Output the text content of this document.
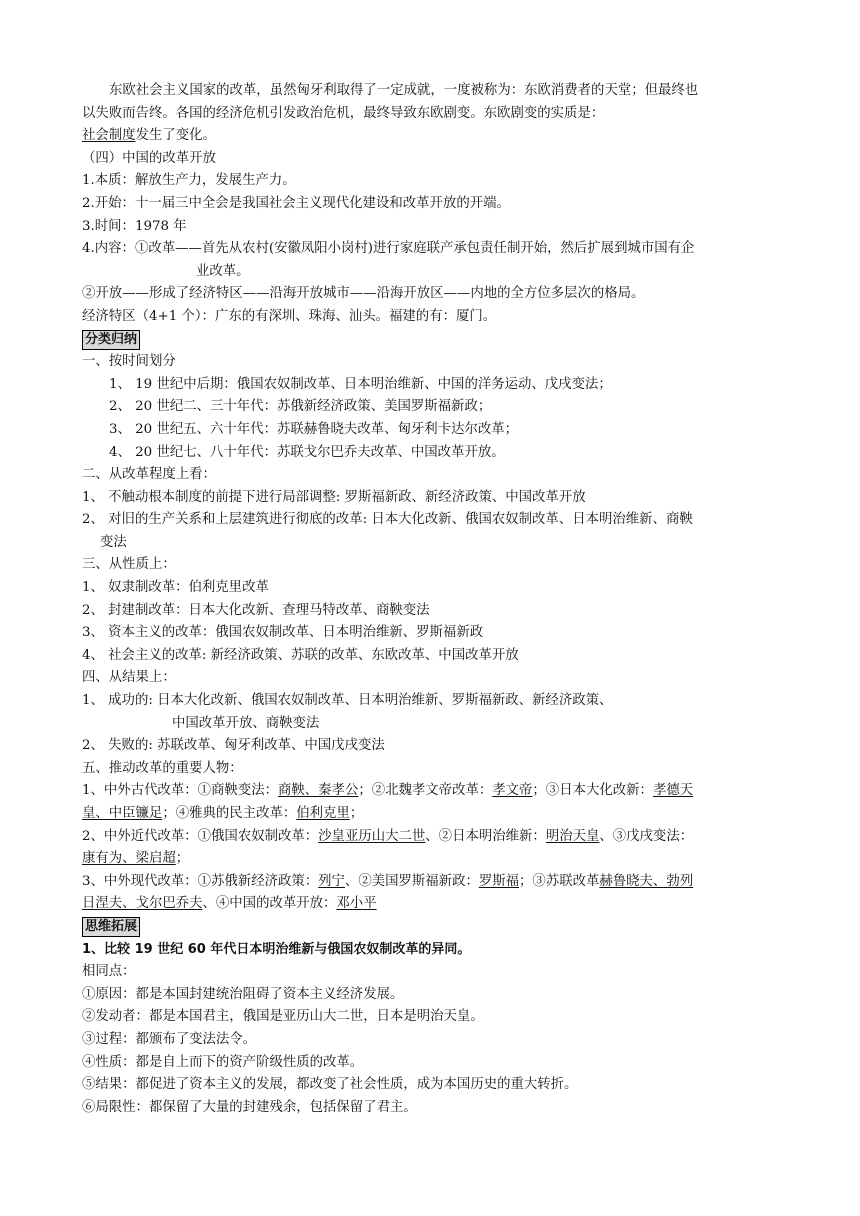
东欧社会主义国家的改革，虽然匈牙利取得了一定成就，一度被称为：东欧消费者的天堂；但最终也
以失败而告终。各国的经济危机引发政治危机，最终导致东欧剧变。东欧剧变的实质是：
社会制度发生了变化。
（四）中国的改革开放
1.本质：解放生产力，发展生产力。
2.开始：十一届三中全会是我国社会主义现代化建设和改革开放的开端。
3.时间：1978 年
4.内容：①改革——首先从农村(安徽凤阳小岗村)进行家庭联产承包责任制开始，然后扩展到城市国有企
业改革。
②开放——形成了经济特区——沿海开放城市——沿海开放区——内地的全方位多层次的格局。
经济特区（4+1 个）：广东的有深圳、珠海、汕头。福建的有：厦门。
分类归纳
一、按时间划分
1、 19 世纪中后期：俄国农奴制改革、日本明治维新、中国的洋务运动、戊戌变法；
2、 20 世纪二、三十年代：苏俄新经济政策、美国罗斯福新政；
3、 20 世纪五、六十年代：苏联赫鲁晓夫改革、匈牙利卡达尔改革；
4、 20 世纪七、八十年代：苏联戈尔巴乔夫改革、中国改革开放。
二、从改革程度上看：
1、 不触动根本制度的前提下进行局部调整: 罗斯福新政、新经济政策、中国改革开放
2、 对旧的生产关系和上层建筑进行彻底的改革: 日本大化改新、俄国农奴制改革、日本明治维新、商鞅
变法
三、从性质上：
1、 奴隶制改革：伯利克里改革
2、 封建制改革：日本大化改新、查理马特改革、商鞅变法
3、 资本主义的改革：俄国农奴制改革、日本明治维新、罗斯福新政
4、 社会主义的改革: 新经济政策、苏联的改革、东欧改革、中国改革开放
四、从结果上：
1、 成功的: 日本大化改新、俄国农奴制改革、日本明治维新、罗斯福新政、新经济政策、
中国改革开放、商鞅变法
2、 失败的: 苏联改革、匈牙利改革、中国戊戌变法
五、推动改革的重要人物：
1、中外古代改革：①商鞅变法：商鞅、秦孝公；②北魏孝文帝改革：孝文帝；③日本大化改新：孝德天
皇、中臣镰足；④雅典的民主改革：伯利克里；
2、中外近代改革：①俄国农奴制改革：沙皇亚历山大二世、②日本明治维新：明治天皇、③戊戌变法：
康有为、梁启超；
3、中外现代改革：①苏俄新经济政策：列宁、②美国罗斯福新政：罗斯福；③苏联改革赫鲁晓夫、勃列
日涅夫、戈尔巴乔夫、④中国的改革开放：邓小平
思维拓展
1、比较 19 世纪 60 年代日本明治维新与俄国农奴制改革的异同。
相同点：
①原因：都是本国封建统治阻碍了资本主义经济发展。
②发动者：都是本国君主，俄国是亚历山大二世，日本是明治天皇。
③过程：都颁布了变法法令。
④性质：都是自上而下的资产阶级性质的改革。
⑤结果：都促进了资本主义的发展，都改变了社会性质，成为本国历史的重大转折。
⑥局限性：都保留了大量的封建残余，包括保留了君主。
